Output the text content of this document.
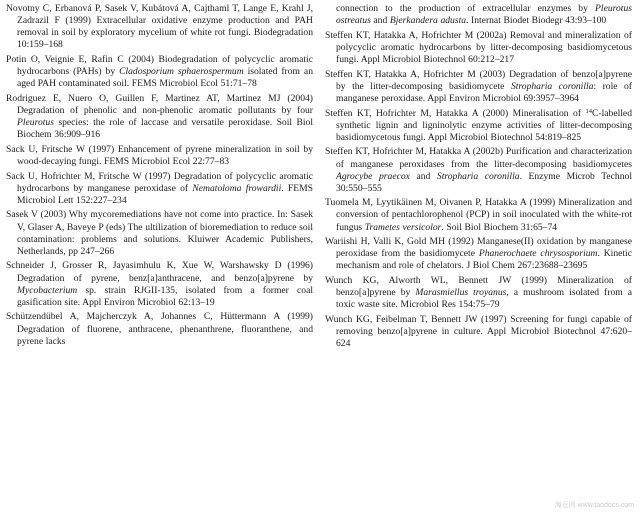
Novotny C, Erbanová P, Sasek V, Kubátová A, Cajthaml T, Lange E, Krahl J, Zadrazil F (1999) Extracellular oxidative enzyme production and PAH removal in soil by exploratory mycelium of white rot fungi. Biodegradation 10:159–168

Potin O, Veignie E, Rafin C (2004) Biodegradation of polycyclic aromatic hydrocarbons (PAHs) by Cladosporium sphaerospermum isolated from an aged PAH contaminated soil. FEMS Microbiol Ecol 51:71–78

Rodriguez E, Nuero O, Guillen F, Martinez AT, Martinez MJ (2004) Degradation of phenolic and non-phenolic aromatic pollutants by four Pleurotus species: the role of laccase and versatile peroxidase. Soil Biol Biochem 36:909–916

Sack U, Fritsche W (1997) Enhancement of pyrene mineralization in soil by wood-decaying fungi. FEMS Microbiol Ecol 22:77–83

Sack U, Hofrichter M, Fritsche W (1997) Degradation of polycyclic aromatic hydrocarbons by manganese peroxidase of Nematoloma frowardii. FEMS Microbiol Lett 152:227–234

Sasek V (2003) Why mycoremediations have not come into practice. In: Sasek V, Glaser A, Baveye P (eds) The ultilization of bioremediation to reduce soil contamination: problems and solutions. Kluiwer Academic Publishers, Netherlands, pp 247–266

Schneider J, Grosser R, Jayasimhulu K, Xue W, Warshawsky D (1996) Degradation of pyrene, benz[a]anthracene, and benzo[a]pyrene by Mycobacterium sp. strain RJGII-135, isolated from a former coal gasification site. Appl Environ Microbiol 62:13–19

Schützendübel A, Majcherczyk A, Johannes C, Hüttermann A (1999) Degradation of fluorene, anthracene, phenanthrene, fluoranthene, and pyrene lacks

connection to the production of extracellular enzymes by Pleurotus ostreatus and Bjerkandera adusta. Internat Biodet Biodegr 43:93–100

Steffen KT, Hatakka A, Hofrichter M (2002a) Removal and mineralization of polycyclic aromatic hydrocarbons by litter-decomposing basidiomycetous fungi. Appl Microbiol Biotechnol 60:212–217

Steffen KT, Hatakka A, Hofrichter M (2003) Degradation of benzo[a]pyrene by the litter-decomposing basidiomycete Stropharia coronilla: role of manganese peroxidase. Appl Environ Microbiol 69:3957–3964

Steffen KT, Hofrichter M, Hatakka A (2000) Mineralisation of $^{14}$C-labelled synthetic lignin and ligninolytic enzyme activities of litter-decomposing basidiomycetous fungi. Appl Microbiol Biotechnol 54:819–825

Steffen KT, Hofrichter M, Hatakka A (2002b) Purification and characterization of manganese peroxidases from the litter-decomposing basidiomycetes Agrocybe praecox and Stropharia coronilla. Enzyme Microb Technol 30:550–555

Tuomela M, Lyytikäinen M, Oivanen P, Hatakka A (1999) Mineralization and conversion of pentachlorophenol (PCP) in soil inoculated with the white-rot fungus Trametes versicolor. Soil Biol Biochem 31:65–74

Wariishi H, Valli K, Gold MH (1992) Manganese(II) oxidation by manganese peroxidase from the basidiomycete Phanerochaete chrysosporium. Kinetic mechanism and role of chelators. J Biol Chem 267:23688–23695

Wunch KG, Alworth WL, Bennett JW (1999) Mineralization of benzo[a]pyrene by Marasmiellus troyanus, a mushroom isolated from a toxic waste site. Microbiol Res 154:75–79

Wunch KG, Feibelman T, Bennett JW (1997) Screening for fungi capable of removing benzo[a]pyrene in culture. Appl Microbiol Biotechnol 47:620–624

淘豆网 www.taodocs.com
